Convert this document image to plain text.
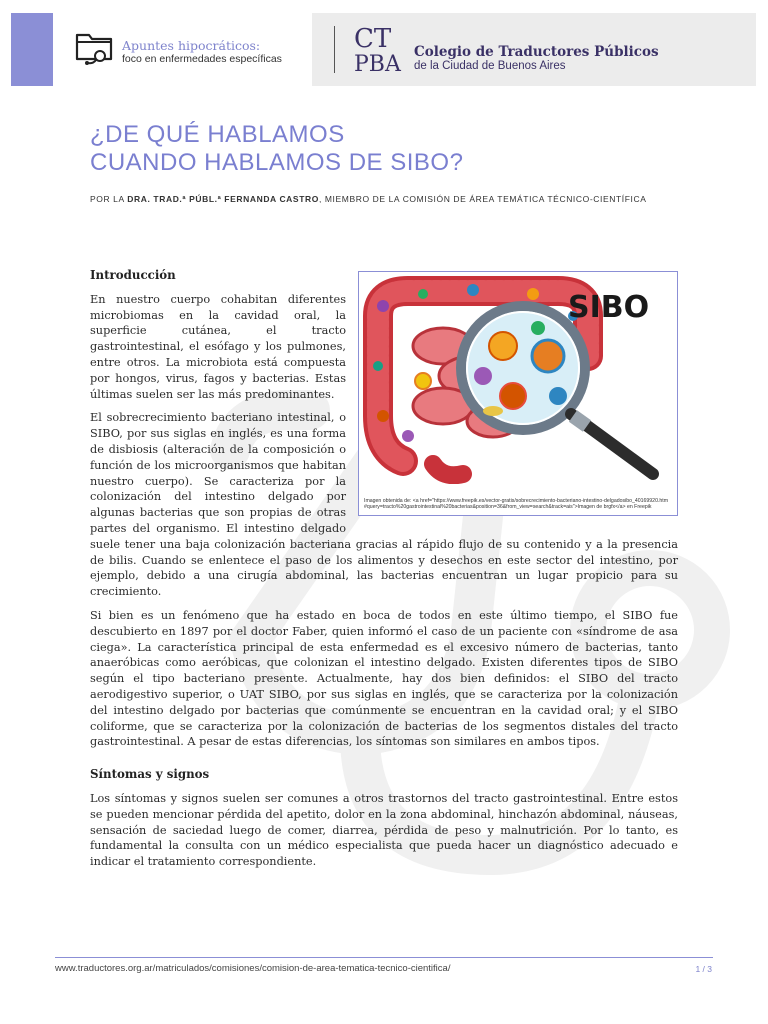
Apuntes hipocráticos:
foco en enfermedades específicas
CT
PBA Colegio de Traductores Públicos
de la Ciudad de Buenos Aires
¿DE QUÉ HABLAMOS
CUANDO HABLAMOS DE SIBO?
POR LA DRA. TRAD.ª PÚBL.ª FERNANDA CASTRO, MIEMBRO DE LA COMISIÓN DE ÁREA TEMÁTICA TÉCNICO-CIENTÍFICA
SIBO
Imagen obtenida de: <a href="https://www.freepik.es/vector-gratis/sobrecrecimiento-bacteriano-intestino-delgadosibo_40169920.htm#query=tracto%20gastrointestinal%20bacterias&position=36&from_view=search&track=ais">Imagen de brgfx</a> en Freepik
Introducción

En nuestro cuerpo cohabitan diferentes microbiomas en la cavidad oral, la superficie cutánea, el tracto gastrointestinal, el esófago y los pulmones, entre otros. La microbiota está compuesta por hongos, virus, fagos y bacterias. Estas últimas suelen ser las más predominantes.

El sobrecrecimiento bacteriano intestinal, o SIBO, por sus siglas en inglés, es una forma de disbiosis (alteración de la composición o función de los microorganismos que habitan nuestro cuerpo). Se caracteriza por la colonización del intestino delgado por algunas bacterias que son propias de otras partes del organismo. El intestino delgado suele tener una baja colonización bacteriana gracias al rápido flujo de su contenido y a la presencia de bilis. Cuando se enlentece el paso de los alimentos y desechos en este sector del intestino, por ejemplo, debido a una cirugía abdominal, las bacterias encuentran un lugar propicio para su crecimiento.

Si bien es un fenómeno que ha estado en boca de todos en este último tiempo, el SIBO fue descubierto en 1897 por el doctor Faber, quien informó el caso de un paciente con «síndrome de asa ciega». La característica principal de esta enfermedad es el excesivo número de bacterias, tanto anaeróbicas como aeróbicas, que colonizan el intestino delgado. Existen diferentes tipos de SIBO según el tipo bacteriano presente. Actualmente, hay dos bien definidos: el SIBO del tracto aerodigestivo superior, o UAT SIBO, por sus siglas en inglés, que se caracteriza por la colonización del intestino delgado por bacterias que comúnmente se encuentran en la cavidad oral; y el SIBO coliforme, que se caracteriza por la colonización de bacterias de los segmentos distales del tracto gastrointestinal. A pesar de estas diferencias, los síntomas son similares en ambos tipos.

Síntomas y signos

Los síntomas y signos suelen ser comunes a otros trastornos del tracto gastrointestinal. Entre estos se pueden mencionar pérdida del apetito, dolor en la zona abdominal, hinchazón abdominal, náuseas, sensación de saciedad luego de comer, diarrea, pérdida de peso y malnutrición. Por lo tanto, es fundamental la consulta con un médico especialista que pueda hacer un diagnóstico adecuado e indicar el tratamiento correspondiente.

www.traductores.org.ar/matriculados/comisiones/comision-de-area-tematica-tecnico-cientifica/	1 / 3
